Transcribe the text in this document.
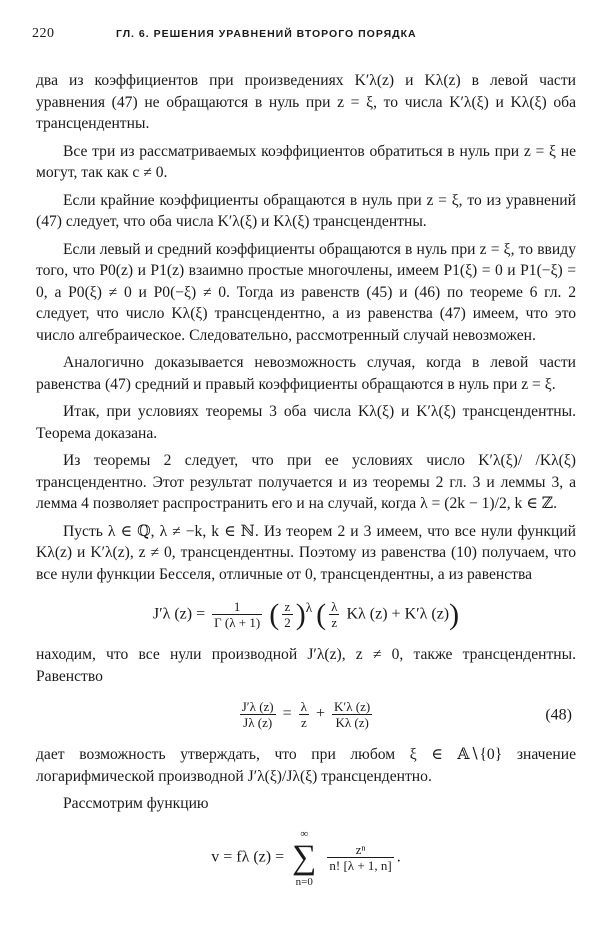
220	ГЛ. 6. РЕШЕНИЯ УРАВНЕНИЙ ВТОРОГО ПОРЯДКА

два из коэффициентов при произведениях K′λ(z) и Kλ(z) в левой части уравнения (47) не обращаются в нуль при z = ξ, то числа K′λ(ξ) и Kλ(ξ) оба трансцендентны.

Все три из рассматриваемых коэффициентов обратиться в нуль при z = ξ не могут, так как c ≠ 0.

Если крайние коэффициенты обращаются в нуль при z = ξ, то из уравнений (47) следует, что оба числа K′λ(ξ) и Kλ(ξ) трансцендентны.

Если левый и средний коэффициенты обращаются в нуль при z = ξ, то ввиду того, что P0(z) и P1(z) взаимно простые многочлены, имеем P1(ξ) = 0 и P1(−ξ) = 0, а P0(ξ) ≠ 0 и P0(−ξ) ≠ 0. Тогда из равенств (45) и (46) по теореме 6 гл. 2 следует, что число Kλ(ξ) трансцендентно, а из равенства (47) имеем, что это число алгебраическое. Следовательно, рассмотренный случай невозможен.

Аналогично доказывается невозможность случая, когда в левой части равенства (47) средний и правый коэффициенты обращаются в нуль при z = ξ.

Итак, при условиях теоремы 3 оба числа Kλ(ξ) и K′λ(ξ) трансцендентны. Теорема доказана.

Из теоремы 2 следует, что при ее условиях число K′λ(ξ)/ /Kλ(ξ) трансцендентно. Этот результат получается и из теоремы 2 гл. 3 и леммы 3, а лемма 4 позволяет распространить его и на случай, когда λ = (2k − 1)/2, k ∈ ℤ.

Пусть λ ∈ ℚ, λ ≠ −k, k ∈ ℕ. Из теорем 2 и 3 имеем, что все нули функций Kλ(z) и K′λ(z), z ≠ 0, трансцендентны. Поэтому из равенства (10) получаем, что все нули функции Бесселя, отличные от 0, трансцендентны, а из равенства

J′λ $(z) = \frac{1}{\Gamma (\lambda + 1)}$ ( $\frac{z}{2} )^\lambda$ ( $\frac{\lambda}{z}$ Kλ (z) + K′λ (z))

находим, что все нули производной J′λ(z), z ≠ 0, также трансцендентны. Равенство

$\frac{J'\lambda (z)}{J\lambda (z)} = \frac{\lambda}{z} + \frac{K'\lambda (z)}{K\lambda (z)}$	(48)

дает возможность утверждать, что при любом ξ ∈ 𝔸∖{0} значение логарифмической производной J′λ(ξ)/Jλ(ξ) трансцендентно.

Рассмотрим функцию

v = fλ (z) =
∞
∑
n=0

$\frac{\text{zⁿ}}{n! [\lambda + 1, n]}$ .
